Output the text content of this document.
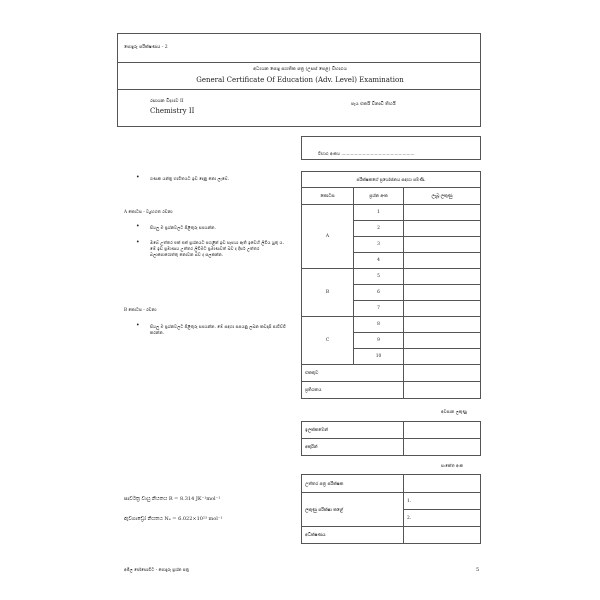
පොදුරු පරීක්ෂණය - 2
අධ්‍යයන පොදු සහතික පත්‍ර (උසස් පෙළ) විභාගය
General Certificate Of Education (Adv. Level) Examination
රසායන විද්‍යාව II
Chemistry II
පැය එකයි විනාඩි තිහයි
විභාග අංකය .......................................................
• ගණක යන්ත්‍ර භාවිතයට ඉඩ දෙනු නො ලැබේ.
A කොටස - ව්‍යුහගත රචනා
• සියලු ම ප්‍රශ්නවලට පිළිතුරු සපයන්න.
• ඔබේ උත්තර එක් එක් ප්‍රශ්නයට පහළින් ඉඩ සැපයා ඇති ඉඩෙහි ලිවිය යුතු ය. මේ ඉඩ ප්‍රමාණය උත්තර ලිවීමට ප්‍රමාණවත් බව ද දීර්ඝ උත්තර බලාපොරොත්තු නොවන බව ද සලකන්න.
B කොටස - රචනා
• සියලු ම ප්‍රශ්නවලට පිළිතුරු සපයන්න. මේ සඳහා සපයනු ලබන කඩදාසි පාවිච්චි කරන්න.
පරීක්ෂකගේ ප්‍රයෝජනය සඳහා පමණි.		
කොටස	ප්‍රශ්න අංක	ලැබූ ලකුණු
A	1	
	2	
	3	
	4	
B	5	
	6	
	7	
C	8	
	9	
	10	
එකතුව		
ප්‍රතිශතය		
අවසාන ලකුණු
ඉලක්කමෙන්	
අකුරින්	
සංකේත අංක
උත්තර පත්‍ර පරීක්ෂක	
ලකුණු පරීක්ෂා කළේ	1.
	2.
අධීක්ෂණය	
සාර්වත්‍ර වායු නියතය R = 8.314 JK⁻¹mol⁻¹
ඇවගාඩ්‍රෝ නියතය Nₐ = 6.022×10²³ mol⁻¹
අමිල ජෝසොවිට - පොදුරු ප්‍රශ්න පත්‍ර	5
